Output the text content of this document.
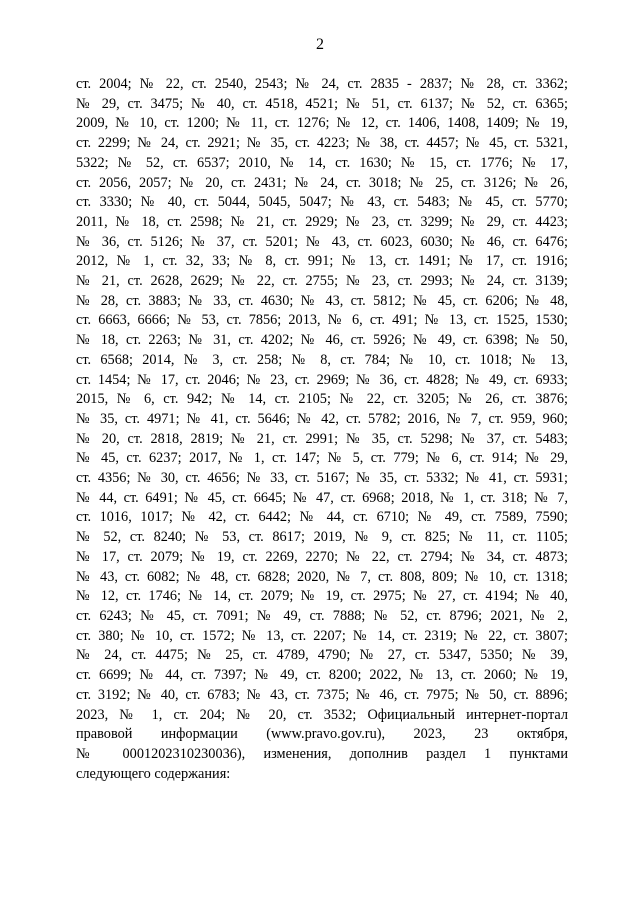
2
ст. 2004; № 22, ст. 2540, 2543; № 24, ст. 2835 - 2837; № 28, ст. 3362;
№ 29, ст. 3475; № 40, ст. 4518, 4521; № 51, ст. 6137; № 52, ст. 6365;
2009, № 10, ст. 1200; № 11, ст. 1276; № 12, ст. 1406, 1408, 1409; № 19,
ст. 2299; № 24, ст. 2921; № 35, ст. 4223; № 38, ст. 4457; № 45, ст. 5321,
5322; № 52, ст. 6537; 2010, № 14, ст. 1630; № 15, ст. 1776; № 17,
ст. 2056, 2057; № 20, ст. 2431; № 24, ст. 3018; № 25, ст. 3126; № 26,
ст. 3330; № 40, ст. 5044, 5045, 5047; № 43, ст. 5483; № 45, ст. 5770;
2011, № 18, ст. 2598; № 21, ст. 2929; № 23, ст. 3299; № 29, ст. 4423;
№ 36, ст. 5126; № 37, ст. 5201; № 43, ст. 6023, 6030; № 46, ст. 6476;
2012, № 1, ст. 32, 33; № 8, ст. 991; № 13, ст. 1491; № 17, ст. 1916;
№ 21, ст. 2628, 2629; № 22, ст. 2755; № 23, ст. 2993; № 24, ст. 3139;
№ 28, ст. 3883; № 33, ст. 4630; № 43, ст. 5812; № 45, ст. 6206; № 48,
ст. 6663, 6666; № 53, ст. 7856; 2013, № 6, ст. 491; № 13, ст. 1525, 1530;
№ 18, ст. 2263; № 31, ст. 4202; № 46, ст. 5926; № 49, ст. 6398; № 50,
ст. 6568; 2014, № 3, ст. 258; № 8, ст. 784; № 10, ст. 1018; № 13,
ст. 1454; № 17, ст. 2046; № 23, ст. 2969; № 36, ст. 4828; № 49, ст. 6933;
2015, № 6, ст. 942; № 14, ст. 2105; № 22, ст. 3205; № 26, ст. 3876;
№ 35, ст. 4971; № 41, ст. 5646; № 42, ст. 5782; 2016, № 7, ст. 959, 960;
№ 20, ст. 2818, 2819; № 21, ст. 2991; № 35, ст. 5298; № 37, ст. 5483;
№ 45, ст. 6237; 2017, № 1, ст. 147; № 5, ст. 779; № 6, ст. 914; № 29,
ст. 4356; № 30, ст. 4656; № 33, ст. 5167; № 35, ст. 5332; № 41, ст. 5931;
№ 44, ст. 6491; № 45, ст. 6645; № 47, ст. 6968; 2018, № 1, ст. 318; № 7,
ст. 1016, 1017; № 42, ст. 6442; № 44, ст. 6710; № 49, ст. 7589, 7590;
№ 52, ст. 8240; № 53, ст. 8617; 2019, № 9, ст. 825; № 11, ст. 1105;
№ 17, ст. 2079; № 19, ст. 2269, 2270; № 22, ст. 2794; № 34, ст. 4873;
№ 43, ст. 6082; № 48, ст. 6828; 2020, № 7, ст. 808, 809; № 10, ст. 1318;
№ 12, ст. 1746; № 14, ст. 2079; № 19, ст. 2975; № 27, ст. 4194; № 40,
ст. 6243; № 45, ст. 7091; № 49, ст. 7888; № 52, ст. 8796; 2021, № 2,
ст. 380; № 10, ст. 1572; № 13, ст. 2207; № 14, ст. 2319; № 22, ст. 3807;
№ 24, ст. 4475; № 25, ст. 4789, 4790; № 27, ст. 5347, 5350; № 39,
ст. 6699; № 44, ст. 7397; № 49, ст. 8200; 2022, № 13, ст. 2060; № 19,
ст. 3192; № 40, ст. 6783; № 43, ст. 7375; № 46, ст. 7975; № 50, ст. 8896;
2023, № 1, ст. 204; № 20, ст. 3532; Официальный интернет-портал
правовой информации (www.pravo.gov.ru), 2023, 23 октября,
№ 0001202310230036), изменения, дополнив раздел 1 пунктами
следующего содержания:
